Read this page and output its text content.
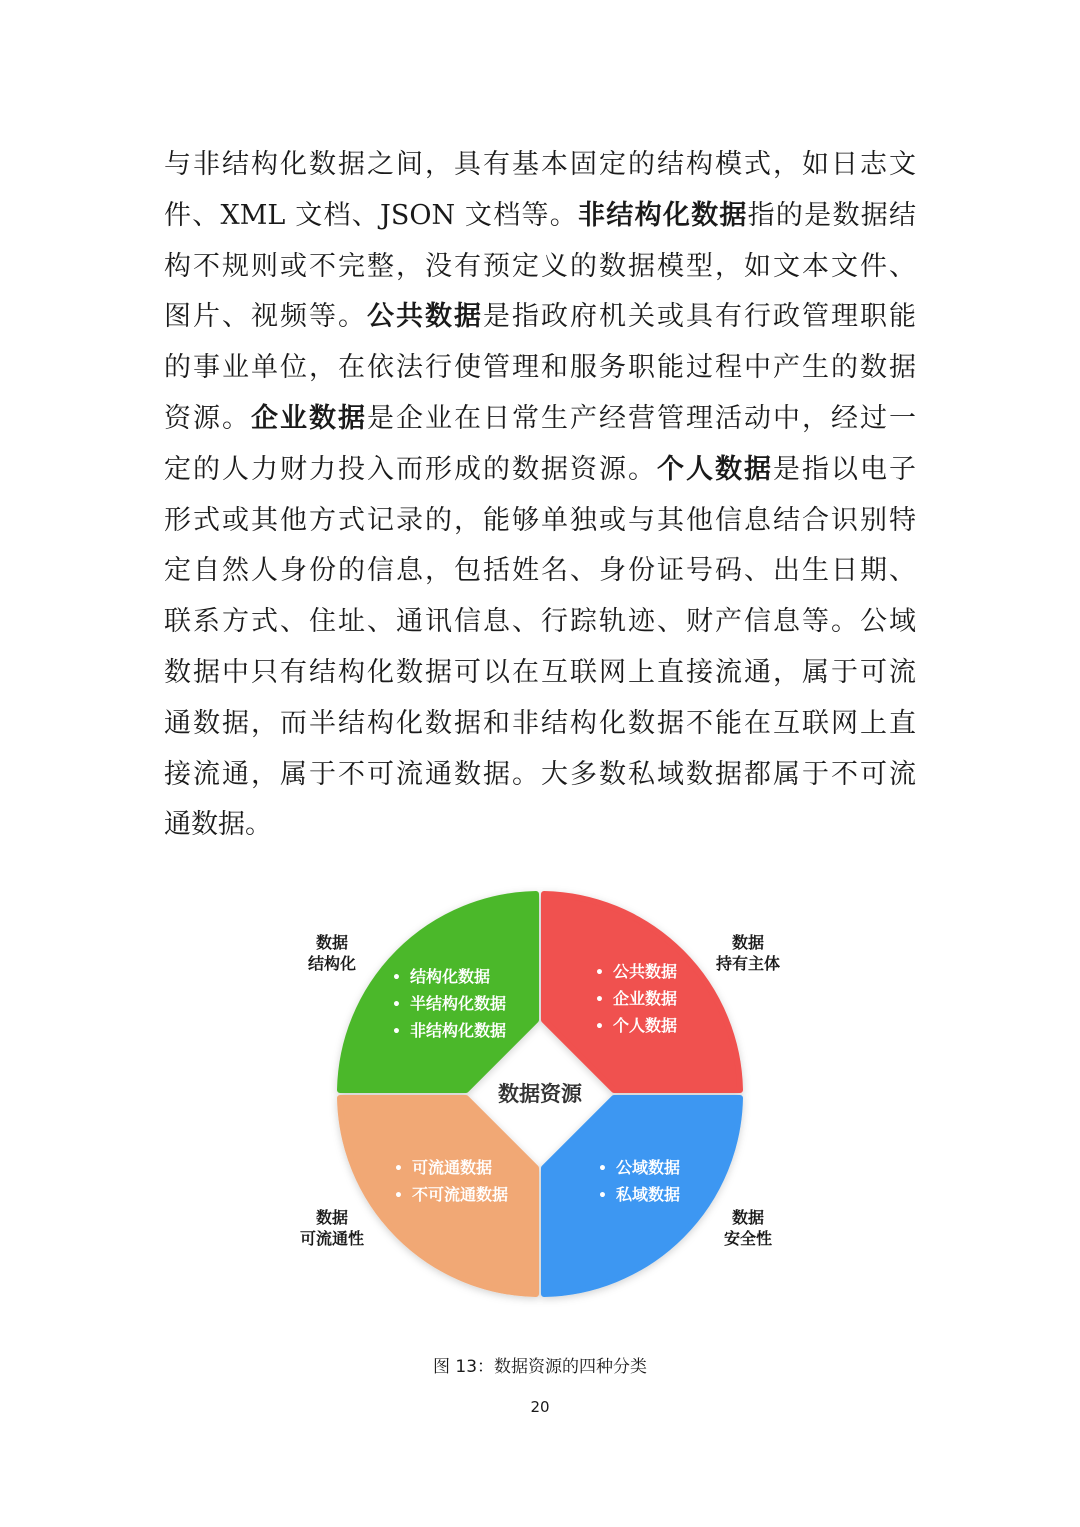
与非结构化数据之间，具有基本固定的结构模式，如日志文
件、XML 文档、JSON 文档等。非结构化数据指的是数据结
构不规则或不完整，没有预定义的数据模型，如文本文件、
图片、视频等。公共数据是指政府机关或具有行政管理职能
的事业单位，在依法行使管理和服务职能过程中产生的数据
资源。企业数据是企业在日常生产经营管理活动中，经过一
定的人力财力投入而形成的数据资源。个人数据是指以电子
形式或其他方式记录的，能够单独或与其他信息结合识别特
定自然人身份的信息，包括姓名、身份证号码、出生日期、
联系方式、住址、通讯信息、行踪轨迹、财产信息等。公域
数据中只有结构化数据可以在互联网上直接流通，属于可流
通数据，而半结构化数据和非结构化数据不能在互联网上直
接流通，属于不可流通数据。大多数私域数据都属于不可流
通数据。

数据资源
• 结构化数据
• 半结构化数据
• 非结构化数据
• 公共数据
• 企业数据
• 个人数据
• 可流通数据
• 不可流通数据
• 公域数据
• 私域数据
数据
结构化
数据
持有主体
数据
可流通性
数据
安全性
图 13：数据资源的四种分类
20
